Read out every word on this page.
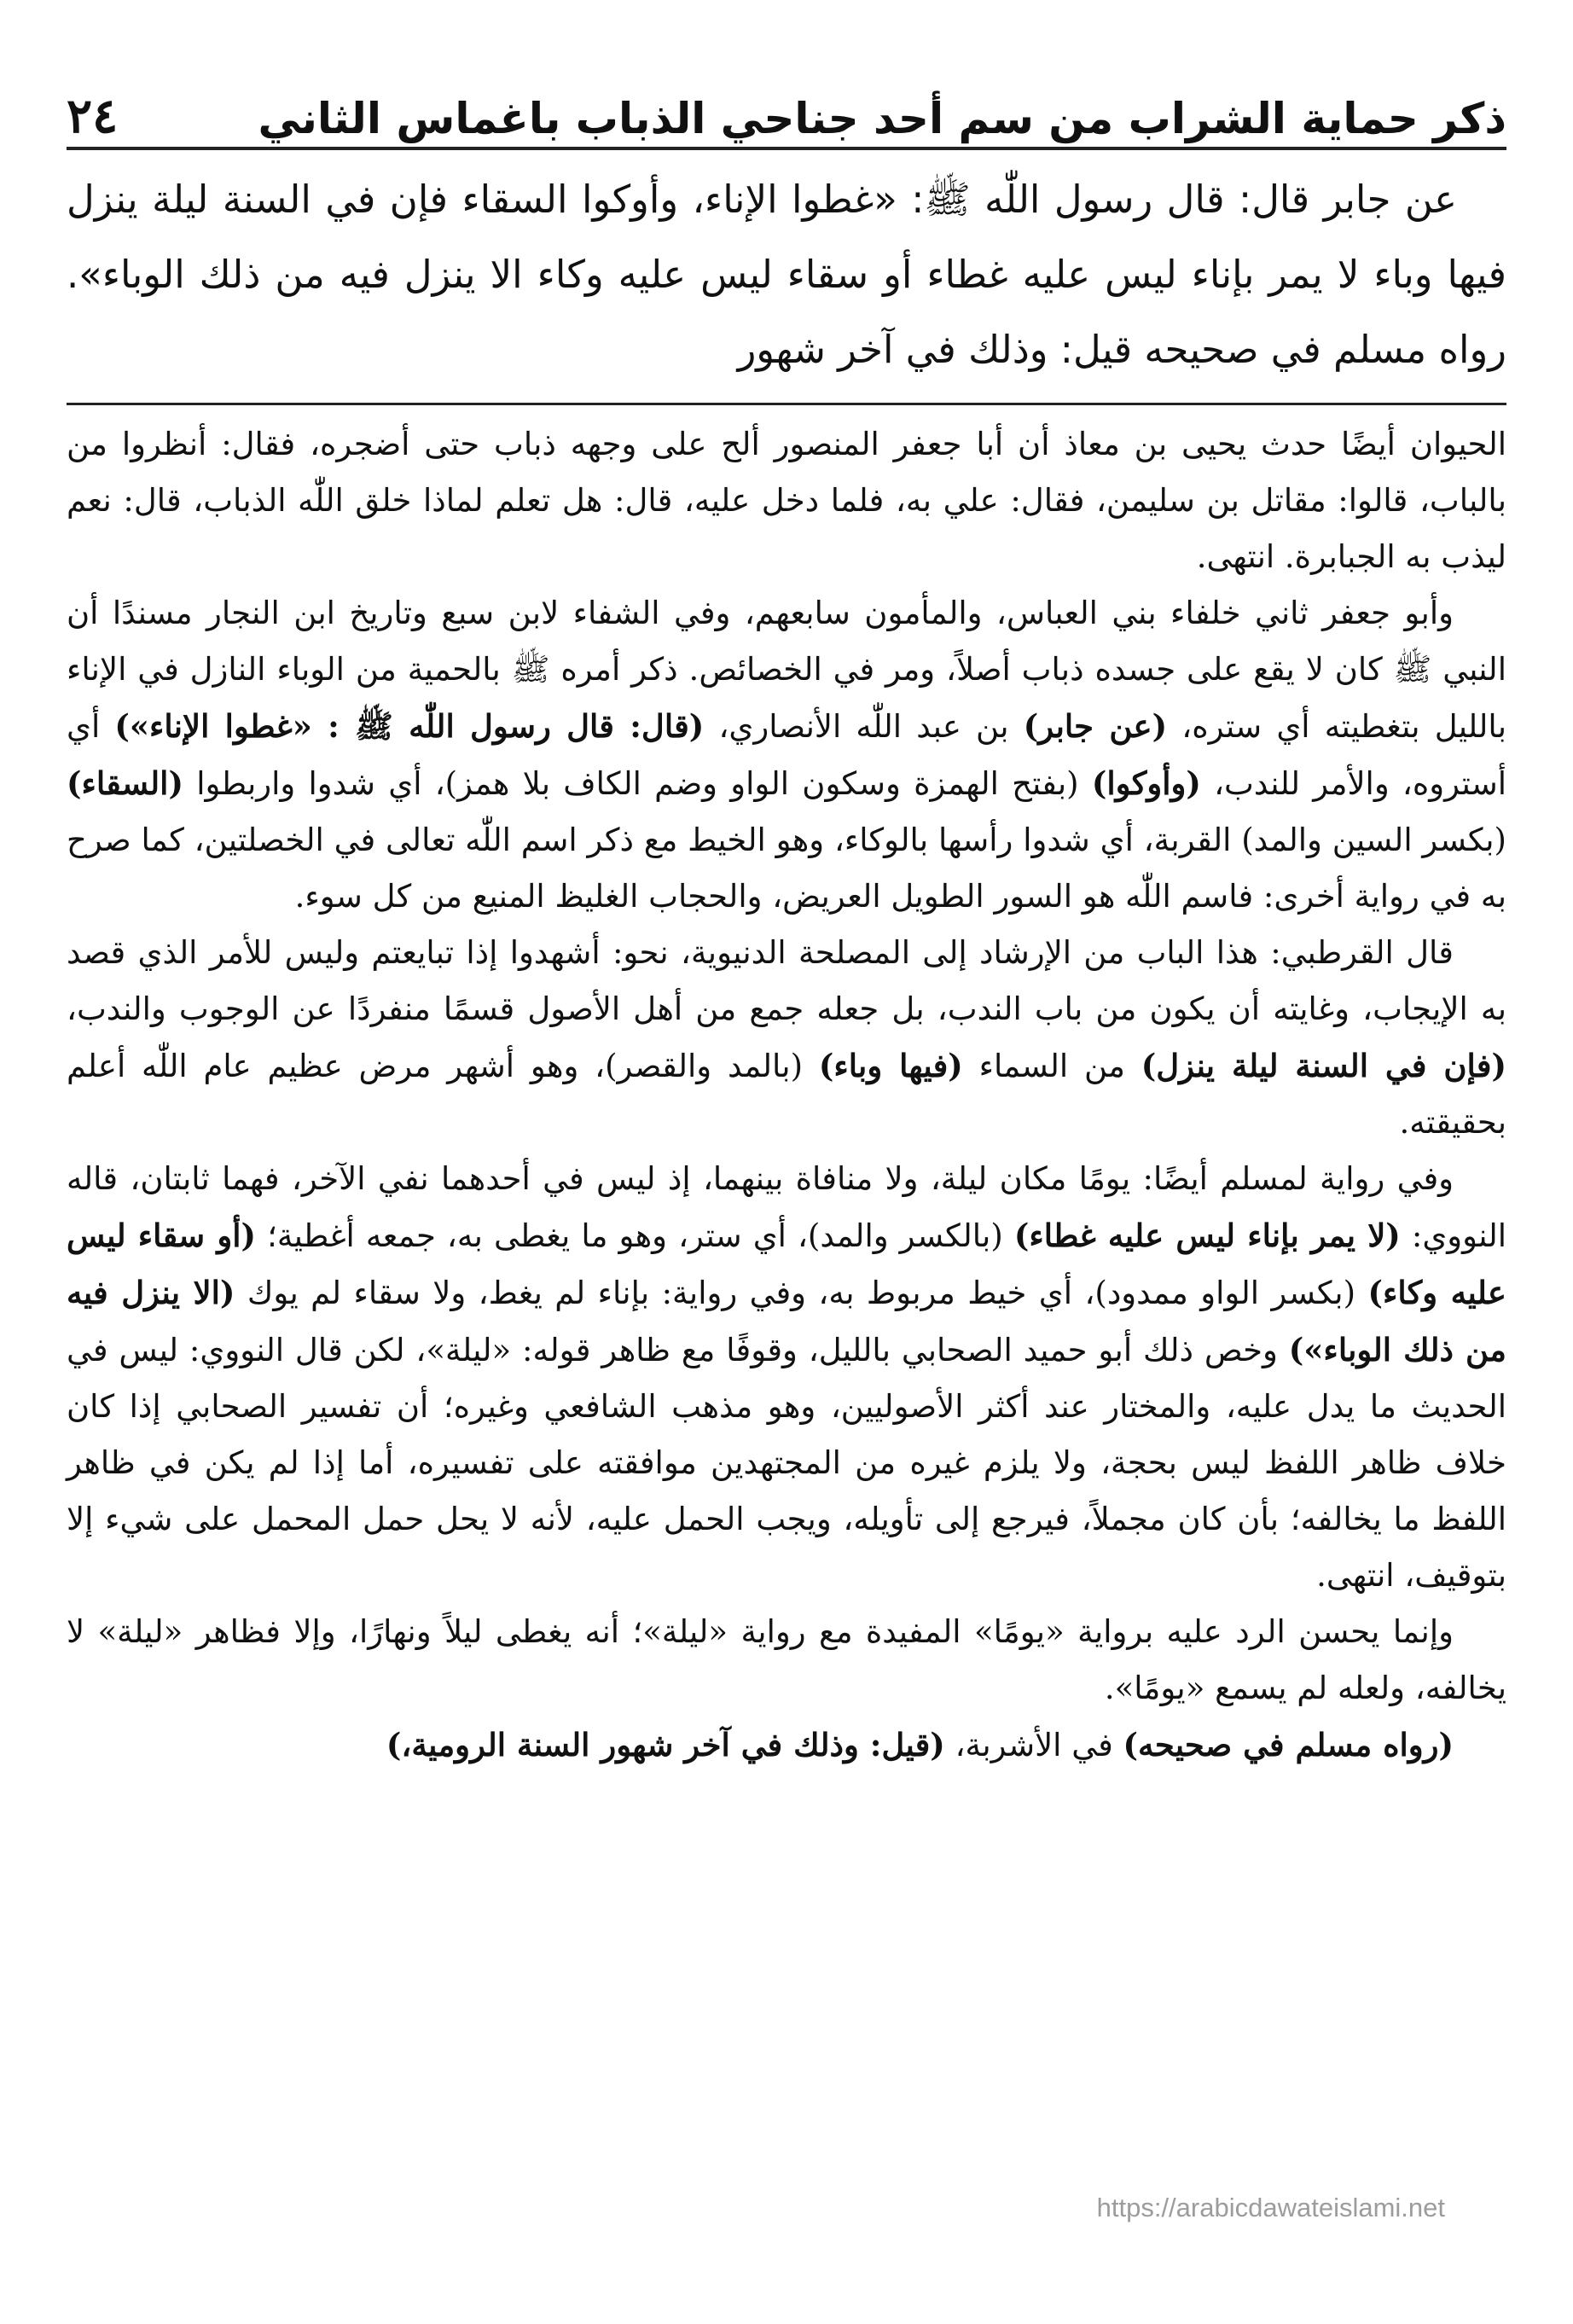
٢٤	ذكر حماية الشراب من سم أحد جناحي الذباب باغماس الثاني

عن جابر قال: قال رسول اللّٰه ﷺ: «غطوا الإناء، وأوكوا السقاء فإن في السنة ليلة ينزل فيها وباء لا يمر بإناء ليس عليه غطاء أو سقاء ليس عليه وكاء الا ينزل فيه من ذلك الوباء». رواه مسلم في صحيحه قيل: وذلك في آخر شهور

الحيوان أيضًا حدث يحيى بن معاذ أن أبا جعفر المنصور ألح على وجهه ذباب حتى أضجره، فقال: أنظروا من بالباب، قالوا: مقاتل بن سليمن، فقال: علي به، فلما دخل عليه، قال: هل تعلم لماذا خلق اللّٰه الذباب، قال: نعم ليذب به الجبابرة. انتهى.

وأبو جعفر ثاني خلفاء بني العباس، والمأمون سابعهم، وفي الشفاء لابن سبع وتاريخ ابن النجار مسندًا أن النبي ﷺ كان لا يقع على جسده ذباب أصلاً، ومر في الخصائص. ذكر أمره ﷺ بالحمية من الوباء النازل في الإناء بالليل بتغطيته أي ستره، (عن جابر) بن عبد اللّٰه الأنصاري، (قال: قال رسول اللّٰه ﷺ : «غطوا الإناء») أي أستروه، والأمر للندب، (وأوكوا) (بفتح الهمزة وسكون الواو وضم الكاف بلا همز)، أي شدوا واربطوا (السقاء) (بكسر السين والمد) القربة، أي شدوا رأسها بالوكاء، وهو الخيط مع ذكر اسم اللّٰه تعالى في الخصلتين، كما صرح به في رواية أخرى: فاسم اللّٰه هو السور الطويل العريض، والحجاب الغليظ المنيع من كل سوء.

قال القرطبي: هذا الباب من الإرشاد إلى المصلحة الدنيوية، نحو: أشهدوا إذا تبايعتم وليس للأمر الذي قصد به الإيجاب، وغايته أن يكون من باب الندب، بل جعله جمع من أهل الأصول قسمًا منفردًا عن الوجوب والندب، (فإن في السنة ليلة ينزل) من السماء (فيها وباء) (بالمد والقصر)، وهو أشهر مرض عظيم عام اللّٰه أعلم بحقيقته.

وفي رواية لمسلم أيضًا: يومًا مكان ليلة، ولا منافاة بينهما، إذ ليس في أحدهما نفي الآخر، فهما ثابتان، قاله النووي: (لا يمر بإناء ليس عليه غطاء) (بالكسر والمد)، أي ستر، وهو ما يغطى به، جمعه أغطية؛ (أو سقاء ليس عليه وكاء) (بكسر الواو ممدود)، أي خيط مربوط به، وفي رواية: بإناء لم يغط، ولا سقاء لم يوك (الا ينزل فيه من ذلك الوباء») وخص ذلك أبو حميد الصحابي بالليل، وقوفًا مع ظاهر قوله: «ليلة»، لكن قال النووي: ليس في الحديث ما يدل عليه، والمختار عند أكثر الأصوليين، وهو مذهب الشافعي وغيره؛ أن تفسير الصحابي إذا كان خلاف ظاهر اللفظ ليس بحجة، ولا يلزم غيره من المجتهدين موافقته على تفسيره، أما إذا لم يكن في ظاهر اللفظ ما يخالفه؛ بأن كان مجملاً، فيرجع إلى تأويله، ويجب الحمل عليه، لأنه لا يحل حمل المحمل على شيء إلا بتوقيف، انتهى.

وإنما يحسن الرد عليه برواية «يومًا» المفيدة مع رواية «ليلة»؛ أنه يغطى ليلاً ونهارًا، وإلا فظاهر «ليلة» لا يخالفه، ولعله لم يسمع «يومًا».

(رواه مسلم في صحيحه) في الأشربة، (قيل: وذلك في آخر شهور السنة الرومية،)

https://arabicdawateislami.net
